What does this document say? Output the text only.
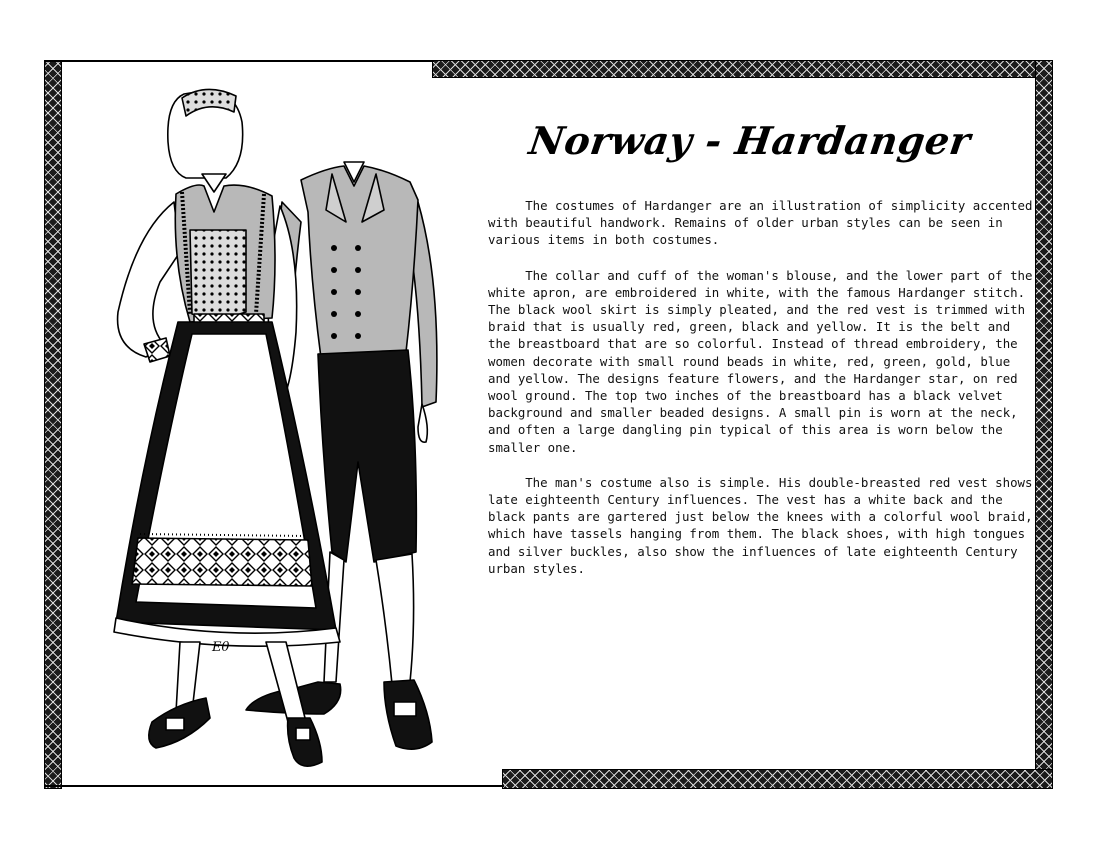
Eθ
Norway - Hardanger

The costumes of Hardanger are an illustration of simplicity accented with beautiful handwork. Remains of older urban styles can be seen in various items in both costumes.

The collar and cuff of the woman's blouse, and the lower part of the white apron, are embroidered in white, with the famous Hardanger stitch. The black wool skirt is simply pleated, and the red vest is trimmed with braid that is usually red, green, black and yellow. It is the belt and the breastboard that are so colorful. Instead of thread embroidery, the women decorate with small round beads in white, red, green, gold, blue and yellow. The designs feature flowers, and the Hardanger star, on red wool ground. The top two inches of the breastboard has a black velvet background and smaller beaded designs. A small pin is worn at the neck, and often a large dangling pin typical of this area is worn below the smaller one.

The man's costume also is simple. His double-breasted red vest shows late eighteenth Century influences. The vest has a white back and the black pants are gartered just below the knees with a colorful wool braid, which have tassels hanging from them. The black shoes, with high tongues and silver buckles, also show the influences of late eighteenth Century urban styles.
